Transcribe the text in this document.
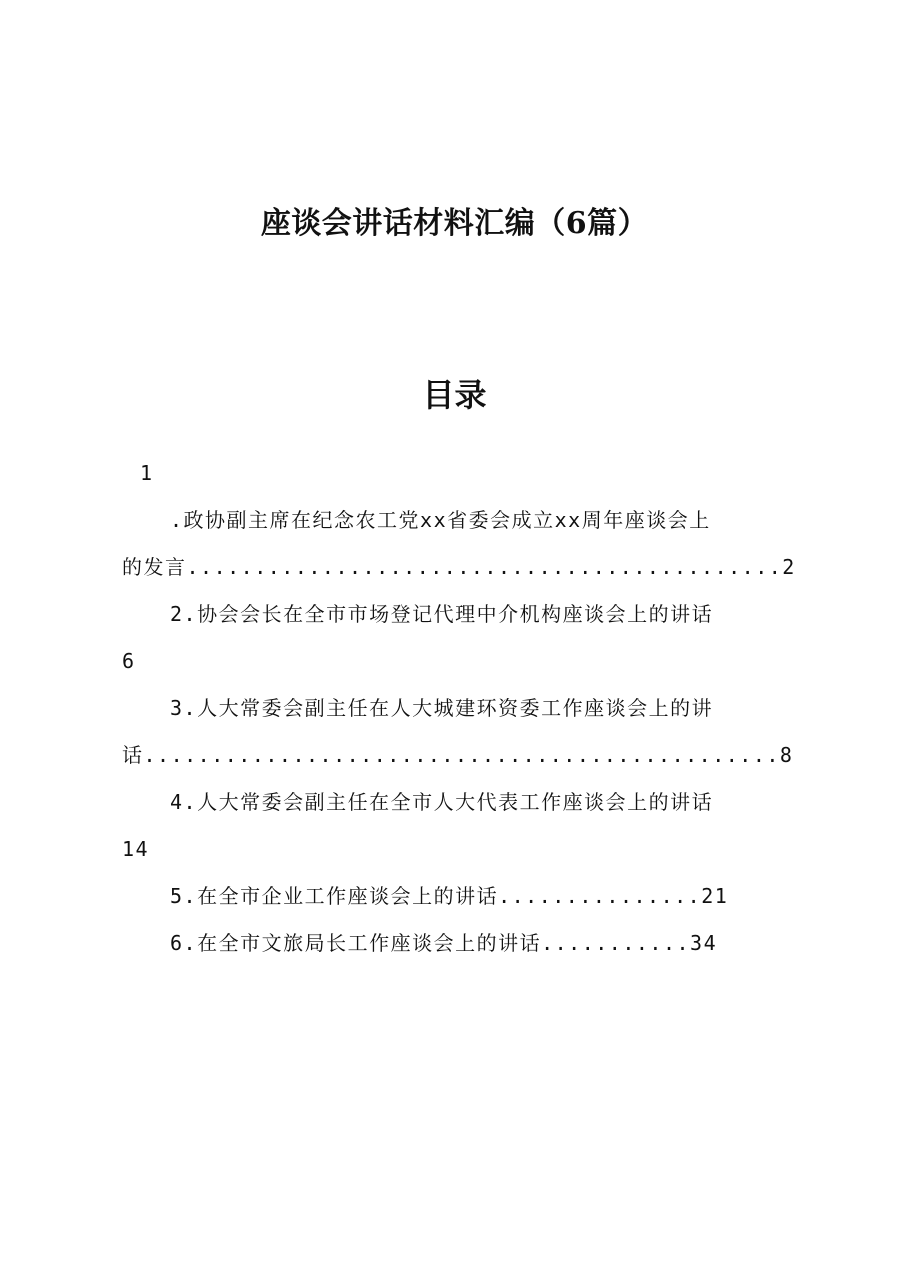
座谈会讲话材料汇编（6篇）
目录
1
.政协副主席在纪念农工党xx省委会成立xx周年座谈会上
的发言............................................2
2.协会会长在全市市场登记代理中介机构座谈会上的讲话
6
3.人大常委会副主任在人大城建环资委工作座谈会上的讲
话...............................................8
4.人大常委会副主任在全市人大代表工作座谈会上的讲话
14
5.在全市企业工作座谈会上的讲话...............21
6.在全市文旅局长工作座谈会上的讲话...........34
